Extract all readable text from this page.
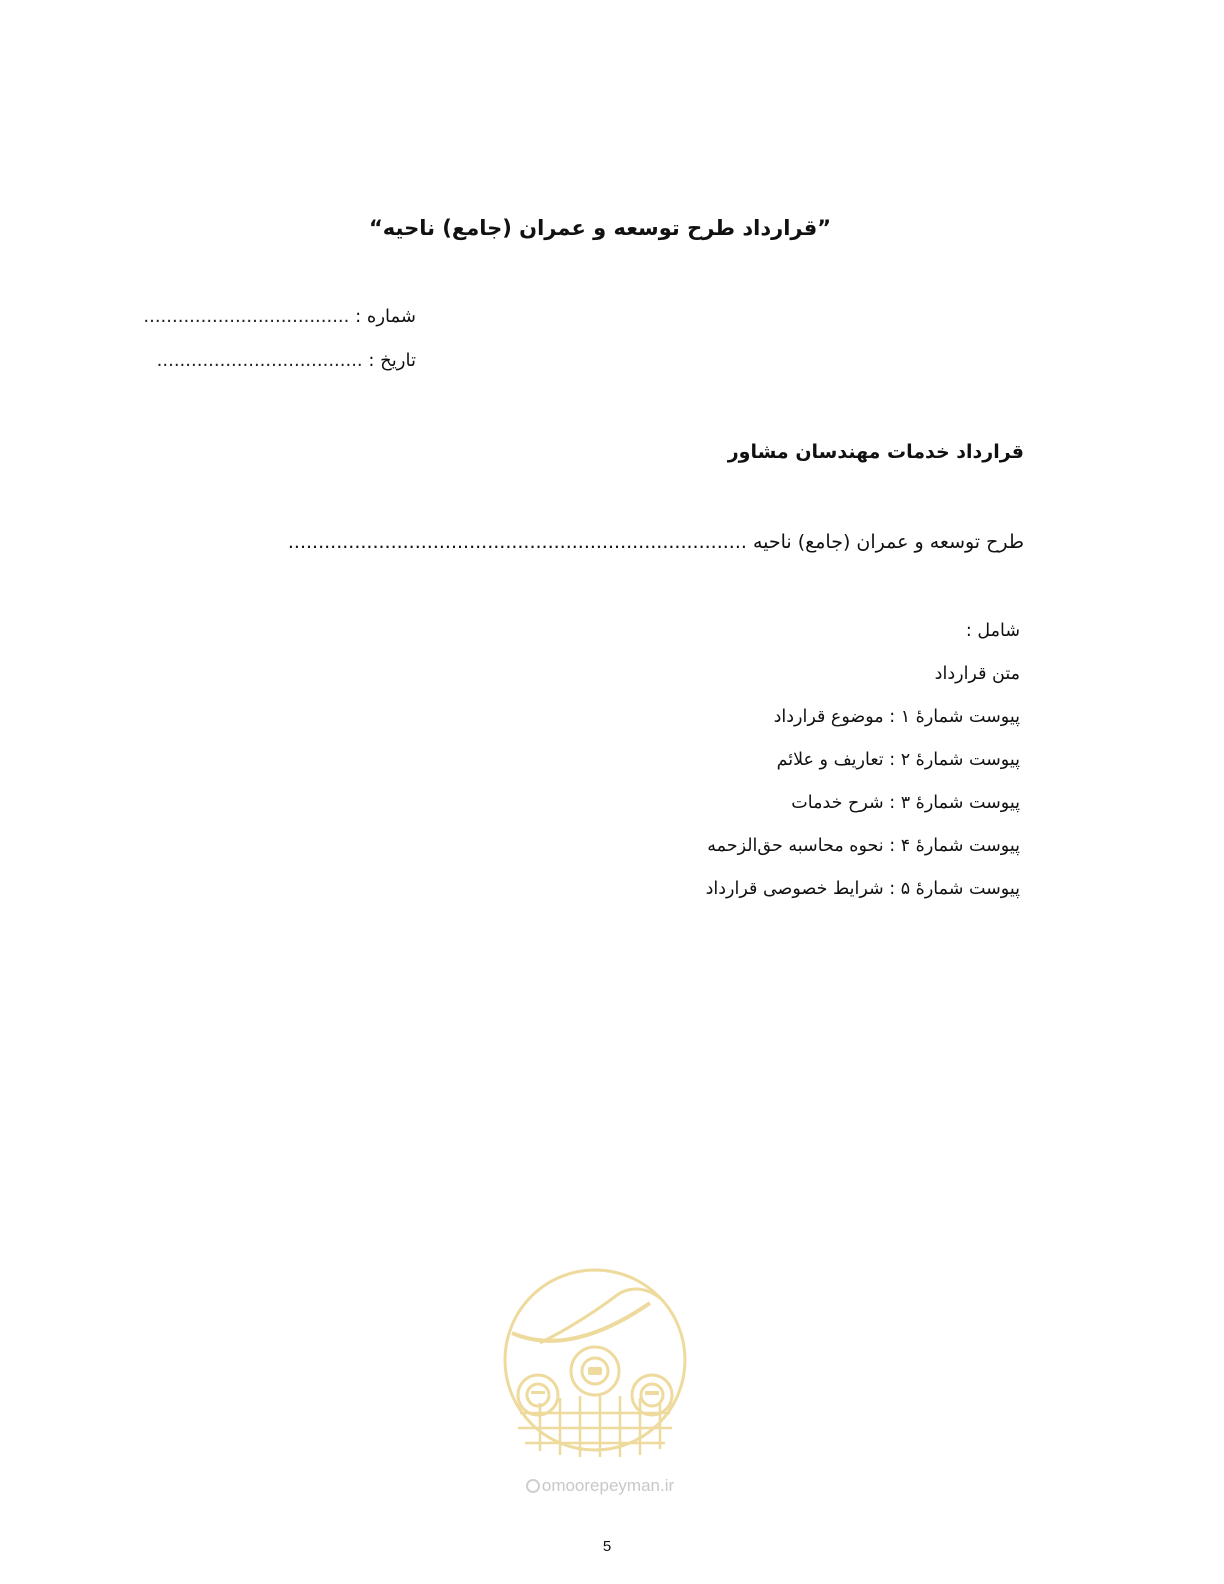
”قرارداد طرح توسعه و عمران (جامع) ناحیه“
شماره : ....................................
تاریخ : ....................................
قرارداد خدمات مهندسان مشاور
طرح توسعه و عمران (جامع) ناحیه ............................................................................
شامل :
متن قرارداد
پیوست شمارۀ ۱ : موضوع قرارداد
پیوست شمارۀ ۲ : تعاریف و علائم
پیوست شمارۀ ۳ : شرح خدمات
پیوست شمارۀ ۴ : نحوه محاسبه حق‌الزحمه
پیوست شمارۀ ۵ : شرایط خصوصی قرارداد
omoorepeyman.ir
5
